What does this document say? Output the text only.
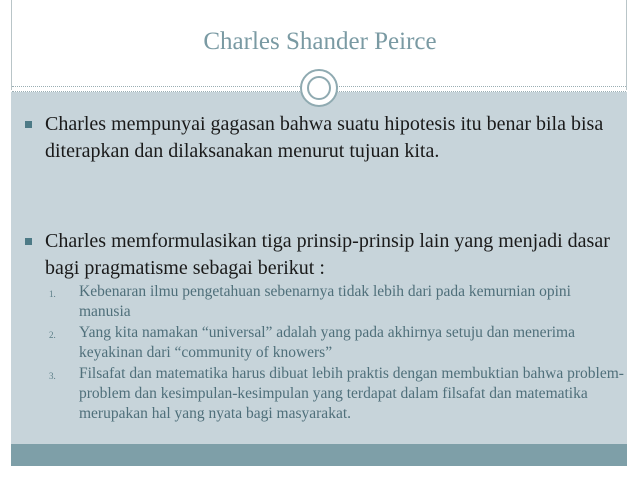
Charles Shander Peirce
Charles mempunyai gagasan bahwa suatu hipotesis itu benar bila bisa diterapkan dan dilaksanakan menurut tujuan kita.
Charles memformulasikan tiga prinsip-prinsip lain yang menjadi dasar bagi pragmatisme sebagai berikut :
1.	Kebenaran ilmu pengetahuan sebenarnya tidak lebih dari pada kemurnian opini manusia
2.	Yang kita namakan “universal” adalah yang pada akhirnya setuju dan menerima keyakinan dari “community of knowers”
3.	Filsafat dan matematika harus dibuat lebih praktis dengan membuktian bahwa problem-problem dan kesimpulan-kesimpulan yang terdapat dalam filsafat dan matematika merupakan hal yang nyata bagi masyarakat.
